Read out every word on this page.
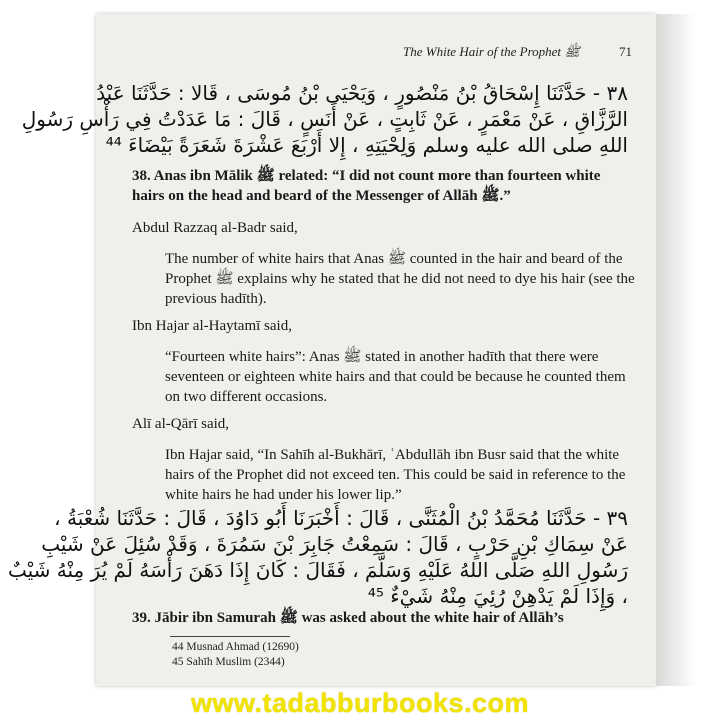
The White Hair of the Prophet ﷺ	71
٣٨ - حَدَّثَنَا إِسْحَاقُ بْنُ مَنْصُورٍ ، وَيَحْيَى بْنُ مُوسَى ، قَالا : حَدَّثَنَا عَبْدُ
الرَّزَّاقِ ، عَنْ مَعْمَرٍ ، عَنْ ثَابِتٍ ، عَنْ أَنَسٍ ، قَالَ : مَا عَدَدْتُ فِي رَأْسِ رَسُولِ
اللهِ صلى الله عليه وسلم وَلِحْيَتِهِ ، إِلا أَرْبَعَ عَشْرَةَ شَعَرَةً بَيْضَاءَ ⁴⁴
38. Anas ibn Mālik ﷺ related: “I did not count more than fourteen white hairs on the head and beard of the Messenger of Allāh ﷺ.”
Abdul Razzaq al-Badr said,
The number of white hairs that Anas ﷺ counted in the hair and beard of the Prophet ﷺ explains why he stated that he did not need to dye his hair (see the previous hadīth).
Ibn Hajar al-Haytamī said,
“Fourteen white hairs”: Anas ﷺ stated in another hadīth that there were seventeen or eighteen white hairs and that could be because he counted them on two different occasions.
Alī al-Qārī said,
Ibn Hajar said, “In Sahīh al-Bukhārī, ʿAbdullāh ibn Busr said that the white hairs of the Prophet did not exceed ten. This could be said in reference to the white hairs he had under his lower lip.”
٣٩ - حَدَّثَنَا مُحَمَّدُ بْنُ الْمُثَنَّى ، قَالَ : أَخْبَرَنَا أَبُو دَاوُدَ ، قَالَ : حَدَّثَنَا شُعْبَةُ ،
عَنْ سِمَاكِ بْنِ حَرْبٍ ، قَالَ : سَمِعْتُ جَابِرَ بْنَ سَمُرَةَ ، وَقَدْ سُئِلَ عَنْ شَيْبِ
رَسُولِ اللهِ صَلَّى اللهُ عَلَيْهِ وَسَلَّمَ ، فَقَالَ : كَانَ إِذَا دَهَنَ رَأْسَهُ لَمْ يُرَ مِنْهُ شَيْبٌ
، وَإِذَا لَمْ يَدْهِنْ رُئِيَ مِنْهُ شَيْءٌ ⁴⁵
39. Jābir ibn Samurah ﷺ was asked about the white hair of Allāh’s
44 Musnad Ahmad (12690)
45 Sahīh Muslim (2344)
www.tadabburbooks.com
